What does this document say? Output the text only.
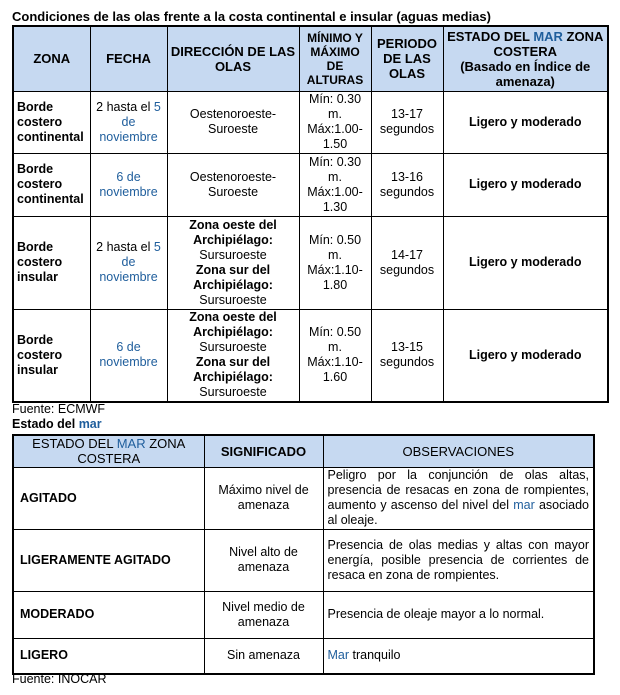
Condiciones de las olas frente a la costa continental e insular (aguas medias)
ZONA	FECHA	DIRECCIÓN DE LAS OLAS	MÍNIMO Y MÁXIMO DE ALTURAS	PERIODO DE LAS OLAS	ESTADO DEL MAR ZONA COSTERA
(Basado en Índice de amenaza)
Borde costero continental	2 hasta el 5 de noviembre	Oestenoroeste-Suroeste	Mín: 0.30 m.
Máx:1.00-1.50	13-17 segundos	Ligero y moderado
Borde costero continental	6 de noviembre	Oestenoroeste-Suroeste	Mín: 0.30 m.
Máx:1.00-1.30	13-16 segundos	Ligero y moderado
Borde costero insular	2 hasta el 5 de noviembre	Zona oeste del Archipiélago:
Sursuroeste
Zona sur del Archipiélago:
Sursuroeste	Mín: 0.50 m.
Máx:1.10-1.80	14-17 segundos	Ligero y moderado
Borde costero insular	6 de noviembre	Zona oeste del Archipiélago:
Sursuroeste
Zona sur del Archipiélago:
Sursuroeste	Mín: 0.50 m.
Máx:1.10-1.60	13-15 segundos	Ligero y moderado
Fuente: ECMWF
Estado del mar
ESTADO DEL MAR ZONA COSTERA	SIGNIFICADO	OBSERVACIONES
AGITADO	Máximo nivel de amenaza	Peligro por la conjunción de olas altas, presencia de resacas en zona de rompientes, aumento y ascenso del nivel del mar asociado al oleaje.
LIGERAMENTE AGITADO	Nivel alto de amenaza	Presencia de olas medias y altas con mayor energía, posible presencia de corrientes de resaca en zona de rompientes.
MODERADO	Nivel medio de amenaza	Presencia de oleaje mayor a lo normal.
LIGERO	Sin amenaza	Mar tranquilo
Fuente: INOCAR
